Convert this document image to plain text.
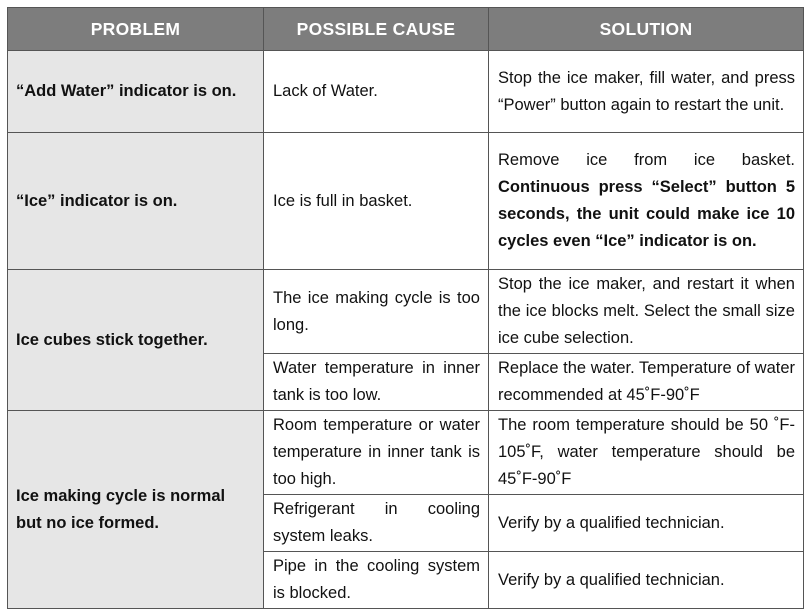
PROBLEM	POSSIBLE CAUSE	SOLUTION
“Add Water” indicator is on.	Lack of Water.	Stop the ice maker, fill water, and press “Power” button again to restart the unit.
“Ice” indicator is on.	Ice is full in basket.	Remove ice from ice basket. Continuous press “Select” button 5 seconds, the unit could make ice 10 cycles even “Ice” indicator is on.
Ice cubes stick together.	The ice making cycle is too long.	Stop the ice maker, and restart it when the ice blocks melt. Select the small size ice cube selection.
	Water temperature in inner tank is too low.	Replace the water. Temperature of water recommended at 45˚F-90˚F
Ice making cycle is normal but no ice formed.	Room temperature or water temperature in inner tank is too high.	The room temperature should be 50 ˚F-105˚F, water temperature should be 45˚F-90˚F
	Refrigerant in cooling system leaks.	Verify by a qualified technician.
	Pipe in the cooling system is blocked.	Verify by a qualified technician.
